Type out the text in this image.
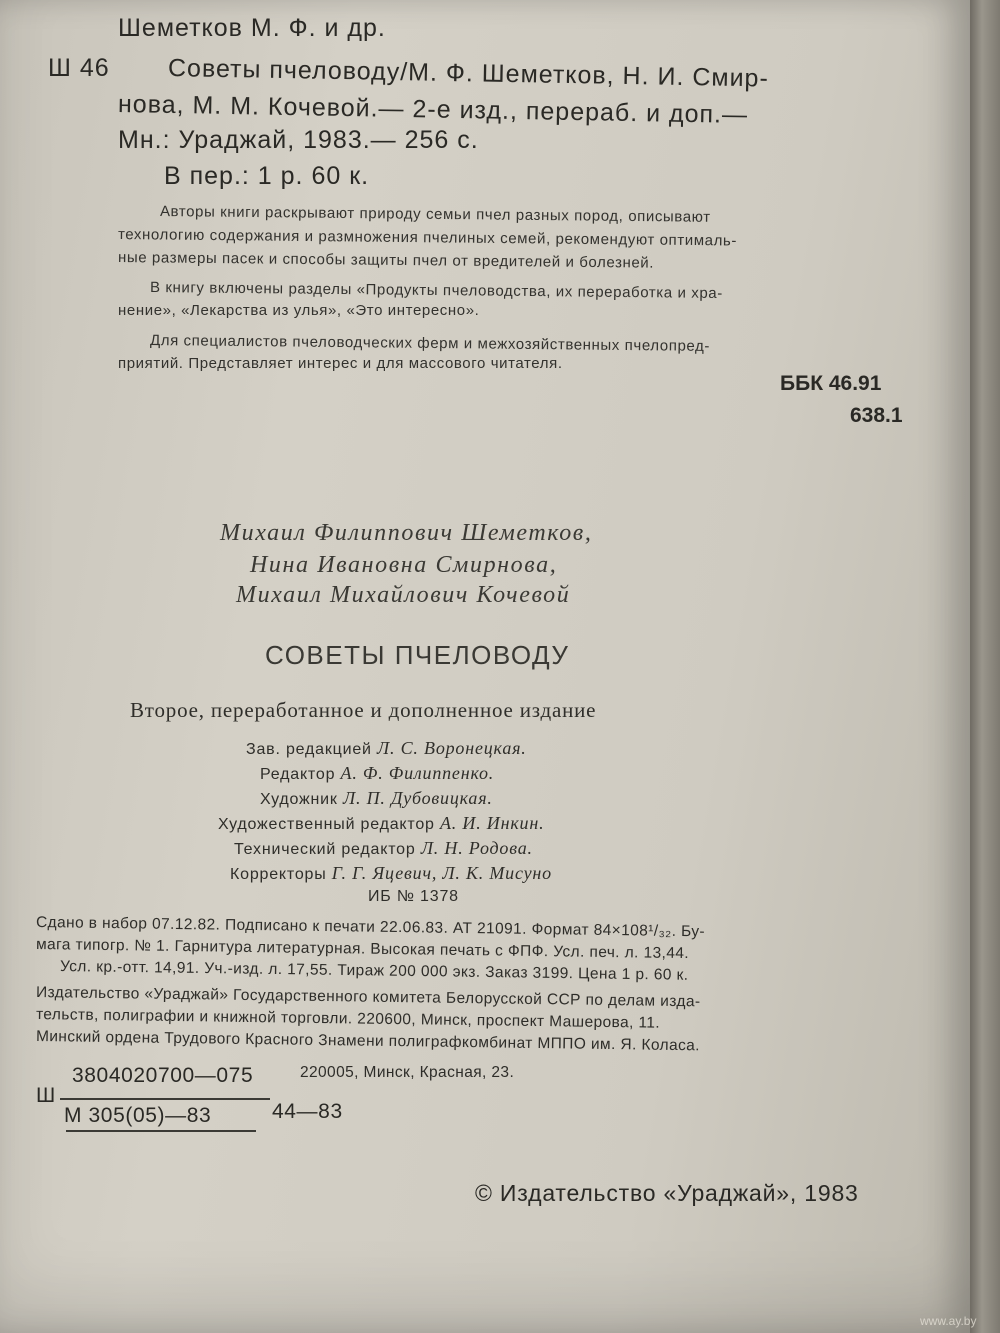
Шеметков М. Ф. и др.
Ш 46 Советы пчеловоду/М. Ф. Шеметков, Н. И. Смир-
нова, М. М. Кочевой.— 2-е изд., перераб. и доп.—
Мн.: Ураджай, 1983.— 256 с.
В пер.: 1 р. 60 к.
Авторы книги раскрывают природу семьи пчел разных пород, описывают
технологию содержания и размножения пчелиных семей, рекомендуют оптималь-
ные размеры пасек и способы защиты пчел от вредителей и болезней.
В книгу включены разделы «Продукты пчеловодства, их переработка и хра-
нение», «Лекарства из улья», «Это интересно».
Для специалистов пчеловодческих ферм и межхозяйственных пчелопред-
приятий. Представляет интерес и для массового читателя.
ББК 46.91
638.1
Михаил Филиппович Шеметков,
Нина Ивановна Смирнова,
Михаил Михайлович Кочевой
СОВЕТЫ ПЧЕЛОВОДУ
Второе, переработанное и дополненное издание
Зав. редакцией Л. С. Воронецкая.
Редактор А. Ф. Филиппенко.
Художник Л. П. Дубовицкая.
Художественный редактор А. И. Инкин.
Технический редактор Л. Н. Родова.
Корректоры Г. Г. Яцевич, Л. К. Мисуно
ИБ № 1378
Сдано в набор 07.12.82. Подписано к печати 22.06.83. АТ 21091. Формат 84×108¹/₃₂. Бу-
мага типогр. № 1. Гарнитура литературная. Высокая печать с ФПФ. Усл. печ. л. 13,44.
Усл. кр.-отт. 14,91. Уч.-изд. л. 17,55. Тираж 200 000 экз. Заказ 3199. Цена 1 р. 60 к.
Издательство «Ураджай» Государственного комитета Белорусской ССР по делам изда-
тельств, полиграфии и книжной торговли. 220600, Минск, проспект Машерова, 11.
Минский ордена Трудового Красного Знамени полиграфкомбинат МППО им. Я. Коласа.
220005, Минск, Красная, 23.
Ш
3804020700—075
М 305(05)—83	44—83
© Издательство «Ураджай», 1983
www.ay.by
